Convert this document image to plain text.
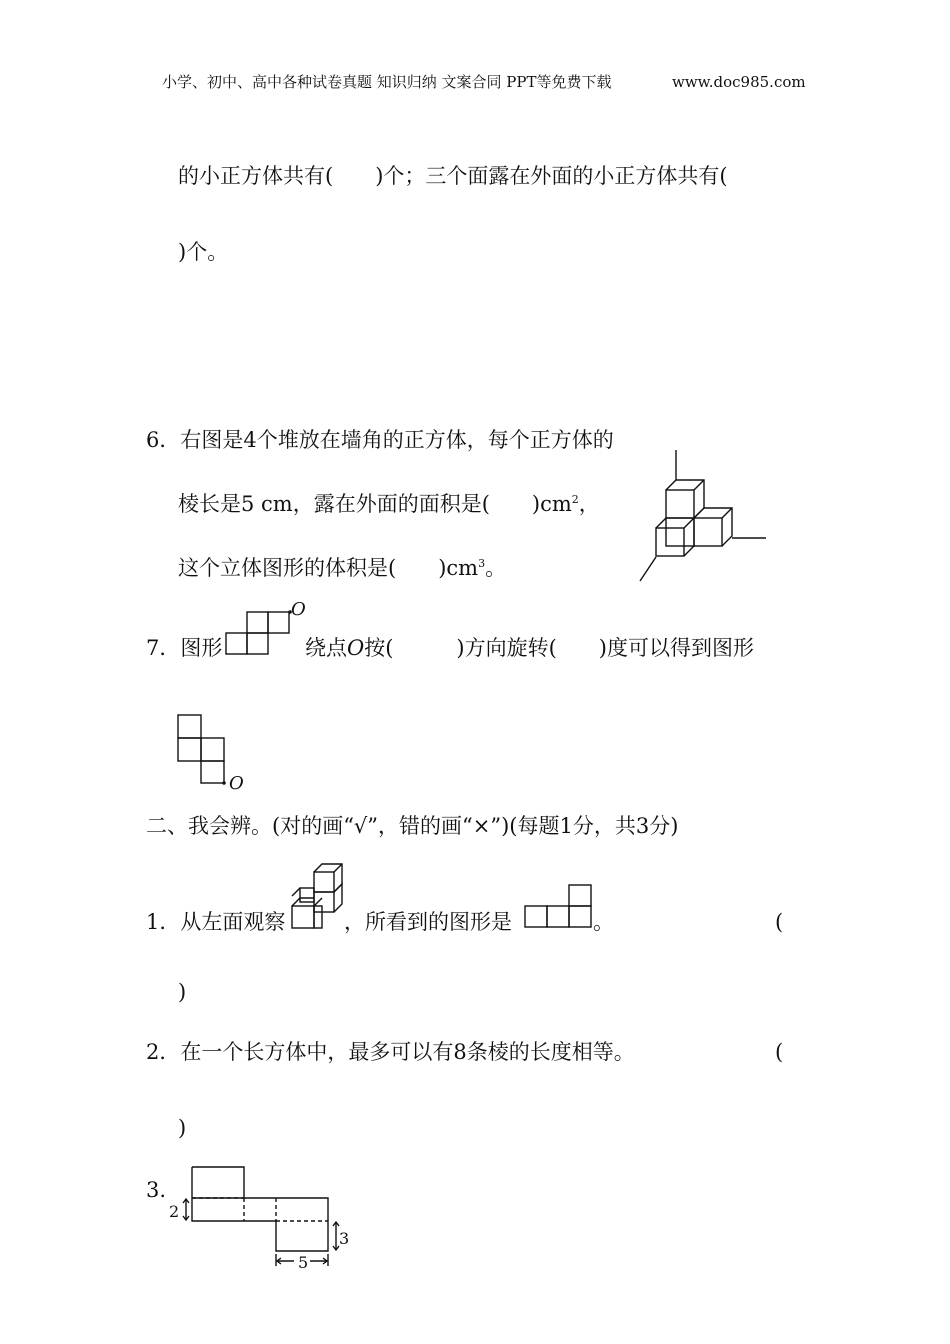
小学、初中、高中各种试卷真题 知识归纳 文案合同 PPT等免费下载	www.doc985.com
的小正方体共有(　　)个；三个面露在外面的小正方体共有(
)个。
6．右图是4个堆放在墙角的正方体，每个正方体的
棱长是5 cm，露在外面的面积是(　　)$cm^2$，
这个立体图形的体积是(　　)$cm^3$。
7．图形
O
绕点O按(　　　)方向旋转(　　)度可以得到图形
O
二、我会辨。(对的画“√”，错的画“×”)(每题1分，共3分)
1．从左面观察	，所看到的图形是	。	(
)
2．在一个长方体中，最多可以有8条棱的长度相等。	(
)
3.
2
3
5
